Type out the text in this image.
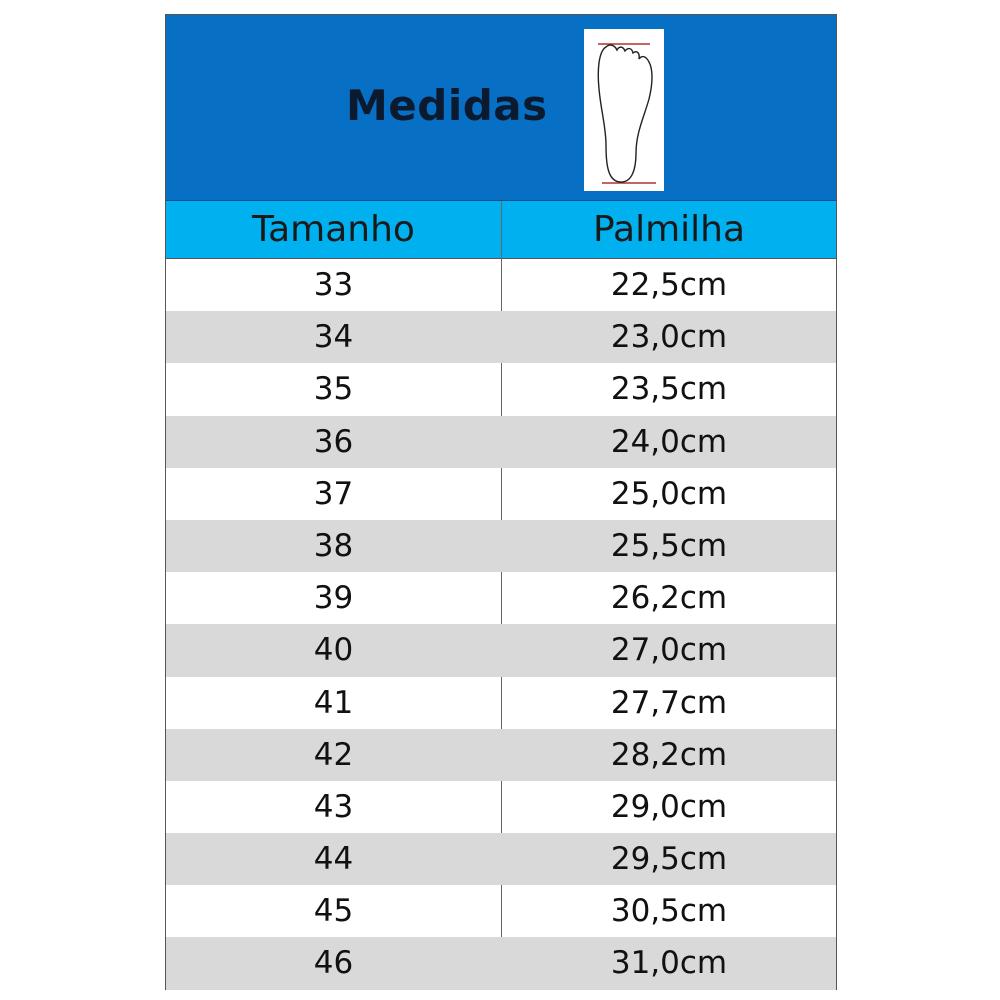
Medidas
Tamanho	Palmilha
33	22,5cm
34	23,0cm
35	23,5cm
36	24,0cm
37	25,0cm
38	25,5cm
39	26,2cm
40	27,0cm
41	27,7cm
42	28,2cm
43	29,0cm
44	29,5cm
45	30,5cm
46	31,0cm
